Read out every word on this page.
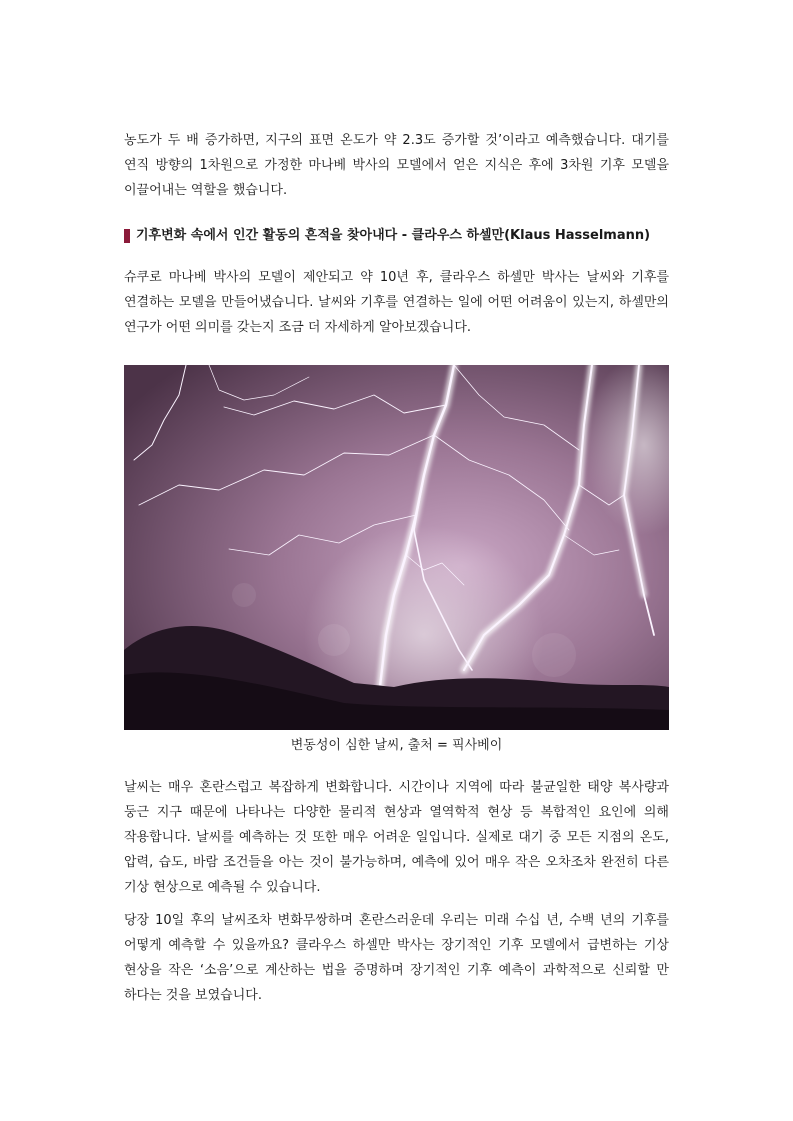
농도가 두 배 증가하면, 지구의 표면 온도가 약 2.3도 증가할 것’이라고 예측했습니다. 대기를 연직 방향의 1차원으로 가정한 마나베 박사의 모델에서 얻은 지식은 후에 3차원 기후 모델을 이끌어내는 역할을 했습니다.

기후변화 속에서 인간 활동의 흔적을 찾아내다 - 클라우스 하셀만(Klaus Hasselmann)

슈쿠로 마나베 박사의 모델이 제안되고 약 10년 후, 클라우스 하셀만 박사는 날씨와 기후를 연결하는 모델을 만들어냈습니다. 날씨와 기후를 연결하는 일에 어떤 어려움이 있는지, 하셀만의 연구가 어떤 의미를 갖는지 조금 더 자세하게 알아보겠습니다.

변동성이 심한 날씨, 출처 = 픽사베이

날씨는 매우 혼란스럽고 복잡하게 변화합니다. 시간이나 지역에 따라 불균일한 태양 복사량과 둥근 지구 때문에 나타나는 다양한 물리적 현상과 열역학적 현상 등 복합적인 요인에 의해 작용합니다. 날씨를 예측하는 것 또한 매우 어려운 일입니다. 실제로 대기 중 모든 지점의 온도, 압력, 습도, 바람 조건들을 아는 것이 불가능하며, 예측에 있어 매우 작은 오차조차 완전히 다른 기상 현상으로 예측될 수 있습니다.

당장 10일 후의 날씨조차 변화무쌍하며 혼란스러운데 우리는 미래 수십 년, 수백 년의 기후를 어떻게 예측할 수 있을까요? 클라우스 하셀만 박사는 장기적인 기후 모델에서 급변하는 기상 현상을 작은 ‘소음’으로 계산하는 법을 증명하며 장기적인 기후 예측이 과학적으로 신뢰할 만 하다는 것을 보였습니다.
